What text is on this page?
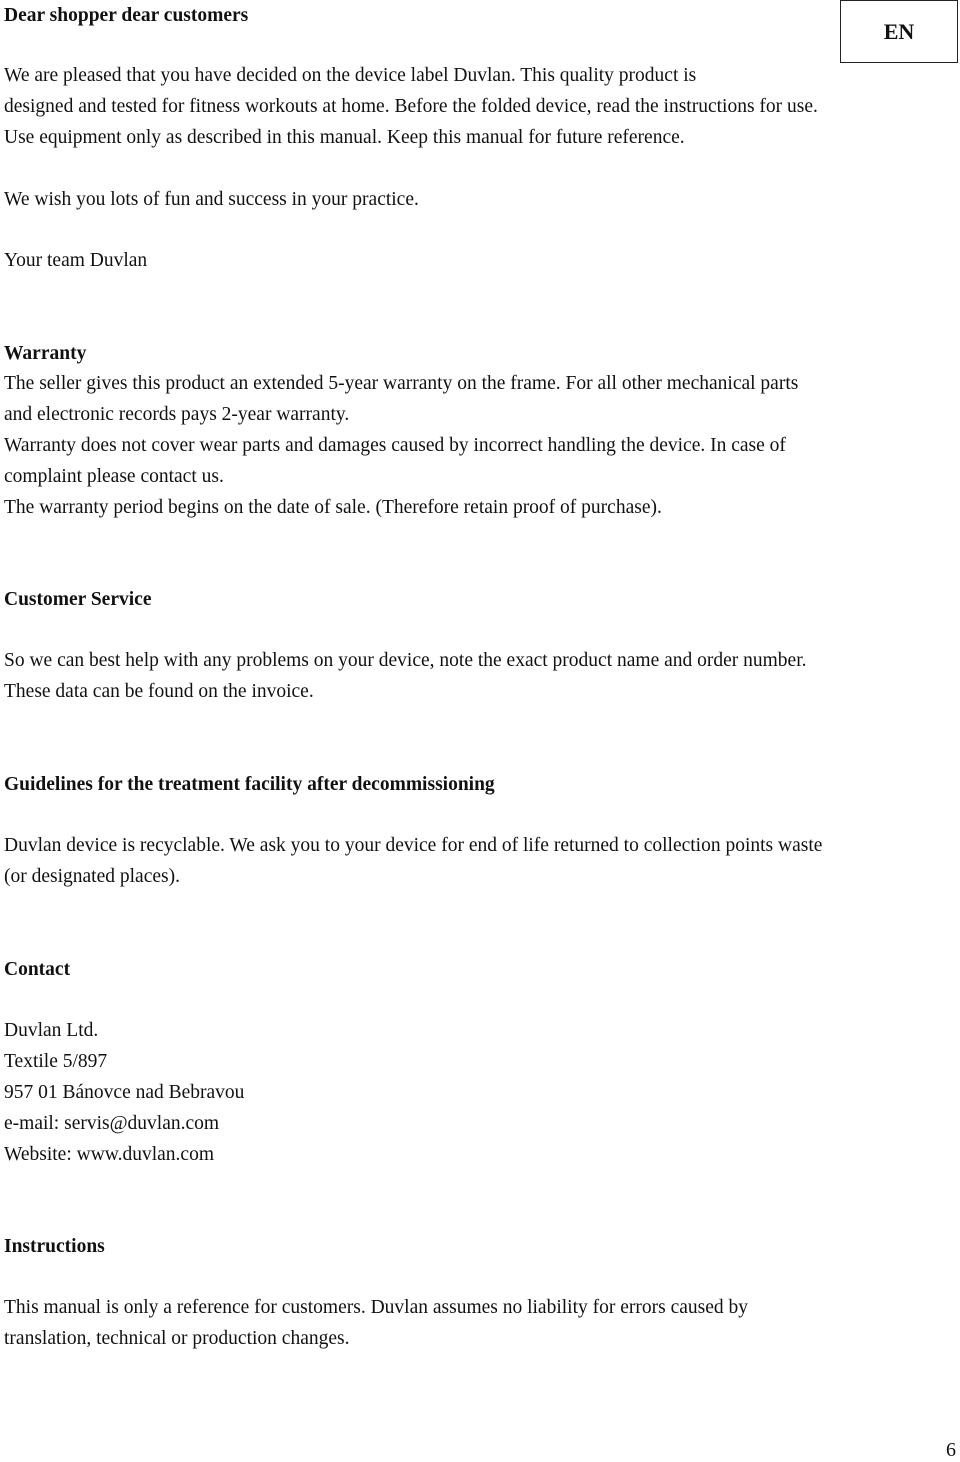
EN
Dear shopper dear customers
We are pleased that you have decided on the device label Duvlan. This quality product is
designed and tested for fitness workouts at home. Before the folded device, read the instructions for use.
Use equipment only as described in this manual. Keep this manual for future reference.
We wish you lots of fun and success in your practice.
Your team Duvlan
Warranty
The seller gives this product an extended 5-year warranty on the frame. For all other mechanical parts
and electronic records pays 2-year warranty.
Warranty does not cover wear parts and damages caused by incorrect handling the device. In case of
complaint please contact us.
The warranty period begins on the date of sale. (Therefore retain proof of purchase).
Customer Service
So we can best help with any problems on your device, note the exact product name and order number.
These data can be found on the invoice.
Guidelines for the treatment facility after decommissioning
Duvlan device is recyclable. We ask you to your device for end of life returned to collection points waste
(or designated places).
Contact
Duvlan Ltd.
Textile 5/897
957 01 Bánovce nad Bebravou
e-mail: servis@duvlan.com
Website: www.duvlan.com
Instructions
This manual is only a reference for customers. Duvlan assumes no liability for errors caused by
translation, technical or production changes.
6
